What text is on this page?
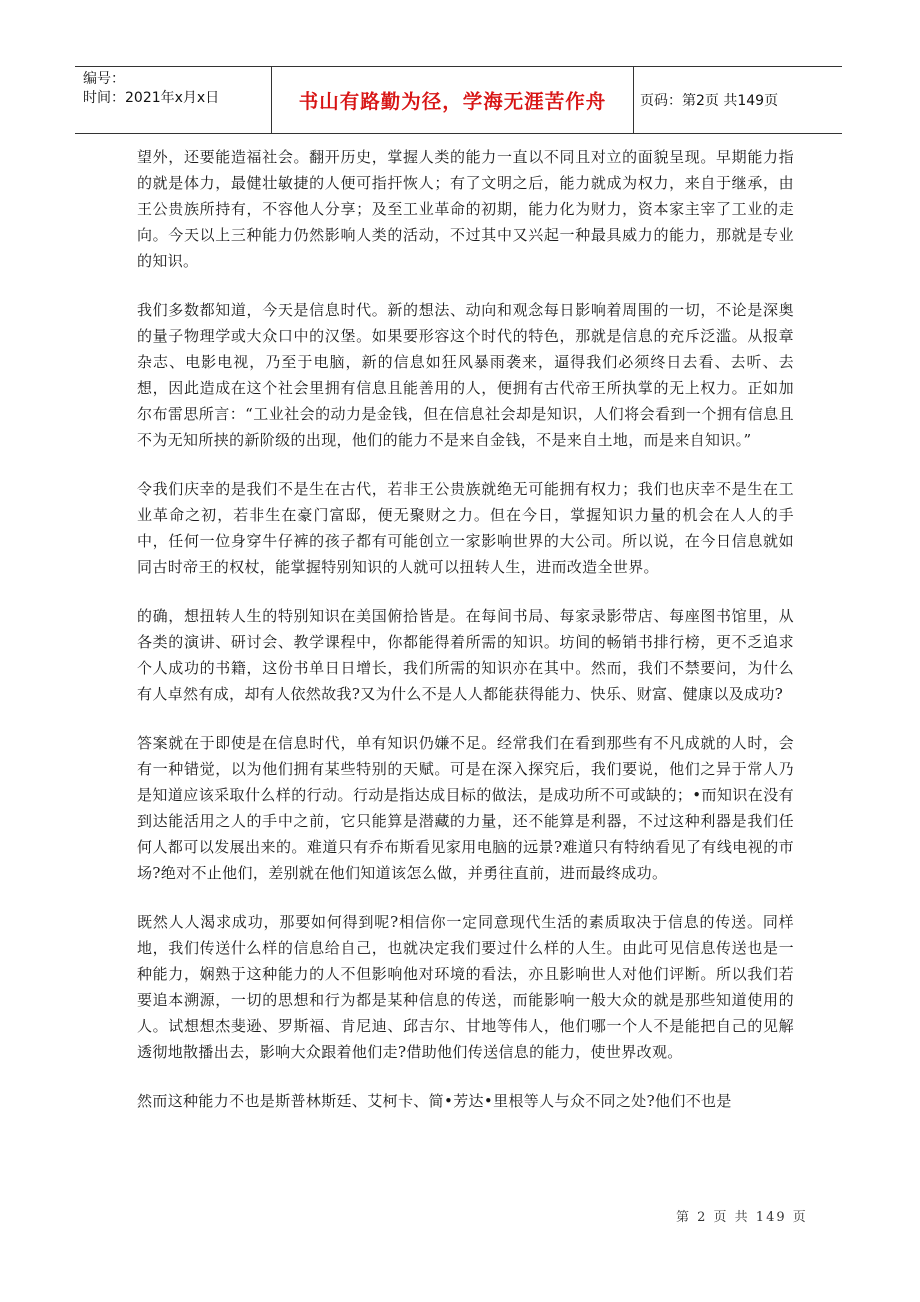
编号：
时间：2021年x月x日	书山有路勤为径，学海无涯苦作舟	页码：第2页 共149页

望外，还要能造福社会。翻开历史，掌握人类的能力一直以不同且对立的面貌呈现。早期能力指的就是体力，最健壮敏捷的人便可指扞恢人；有了文明之后，能力就成为权力，来自于继承，由王公贵族所持有，不容他人分享；及至工业革命的初期，能力化为财力，资本家主宰了工业的走向。今天以上三种能力仍然影响人类的活动，不过其中又兴起一种最具威力的能力，那就是专业的知识。

我们多数都知道，今天是信息时代。新的想法、动向和观念每日影响着周围的一切，不论是深奥的量子物理学或大众口中的汉堡。如果要形容这个时代的特色，那就是信息的充斥泛滥。从报章杂志、电影电视，乃至于电脑，新的信息如狂风暴雨袭来，逼得我们必须终日去看、去听、去想，因此造成在这个社会里拥有信息且能善用的人，便拥有古代帝王所执掌的无上权力。正如加尔布雷思所言：“工业社会的动力是金钱，但在信息社会却是知识，人们将会看到一个拥有信息且不为无知所挟的新阶级的出现，他们的能力不是来自金钱，不是来自土地，而是来自知识。”

令我们庆幸的是我们不是生在古代，若非王公贵族就绝无可能拥有权力；我们也庆幸不是生在工业革命之初，若非生在豪门富邸，便无聚财之力。但在今日，掌握知识力量的机会在人人的手中，任何一位身穿牛仔裤的孩子都有可能创立一家影响世界的大公司。所以说，在今日信息就如同古时帝王的权杖，能掌握特别知识的人就可以扭转人生，进而改造全世界。

的确，想扭转人生的特别知识在美国俯拾皆是。在每间书局、每家录影带店、每座图书馆里，从各类的演讲、研讨会、教学课程中，你都能得着所需的知识。坊间的畅销书排行榜，更不乏追求个人成功的书籍，这份书单日日增长，我们所需的知识亦在其中。然而，我们不禁要问，为什么有人卓然有成，却有人依然故我?又为什么不是人人都能获得能力、快乐、财富、健康以及成功?

答案就在于即使是在信息时代，单有知识仍嫌不足。经常我们在看到那些有不凡成就的人时，会有一种错觉，以为他们拥有某些特别的天赋。可是在深入探究后，我们要说，他们之异于常人乃是知道应该采取什么样的行动。行动是指达成目标的做法，是成功所不可或缺的；•而知识在没有到达能活用之人的手中之前，它只能算是潜藏的力量，还不能算是利器，不过这种利器是我们任何人都可以发展出来的。难道只有乔布斯看见家用电脑的远景?难道只有特纳看见了有线电视的市场?绝对不止他们，差别就在他们知道该怎么做，并勇往直前，进而最终成功。

既然人人渴求成功，那要如何得到呢?相信你一定同意现代生活的素质取决于信息的传送。同样地，我们传送什么样的信息给自己，也就决定我们要过什么样的人生。由此可见信息传送也是一种能力，娴熟于这种能力的人不但影响他对环境的看法，亦且影响世人对他们评断。所以我们若要追本溯源，一切的思想和行为都是某种信息的传送，而能影响一般大众的就是那些知道使用的人。试想想杰斐逊、罗斯福、肯尼迪、邱吉尔、甘地等伟人，他们哪一个人不是能把自己的见解透彻地散播出去，影响大众跟着他们走?借助他们传送信息的能力，使世界改观。

然而这种能力不也是斯普林斯廷、艾柯卡、简•芳达•里根等人与众不同之处?他们不也是

第 2 页 共 149 页
